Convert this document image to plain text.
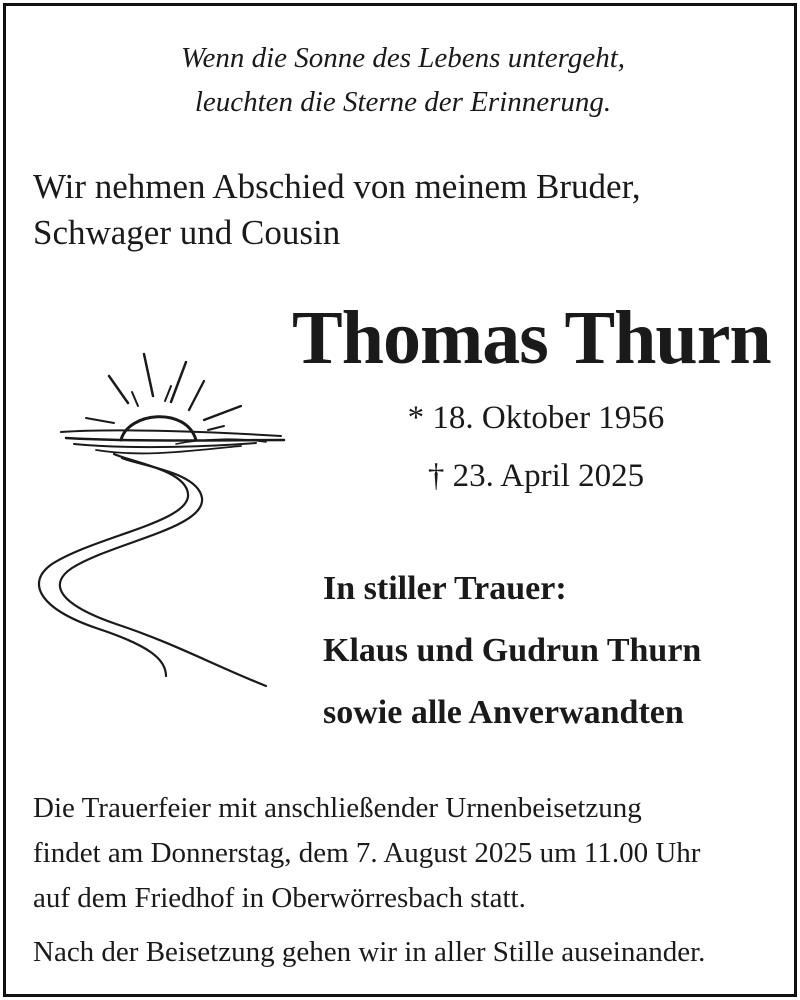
Wenn die Sonne des Lebens untergeht,
leuchten die Sterne der Erinnerung.
Wir nehmen Abschied von meinem Bruder,
Schwager und Cousin
Thomas Thurn
* 18. Oktober 1956
† 23. April 2025
In stiller Trauer:
Klaus und Gudrun Thurn
sowie alle Anverwandten
Die Trauerfeier mit anschließender Urnenbeisetzung
findet am Donnerstag, dem 7. August 2025 um 11.00 Uhr
auf dem Friedhof in Oberwörresbach statt.
Nach der Beisetzung gehen wir in aller Stille auseinander.
